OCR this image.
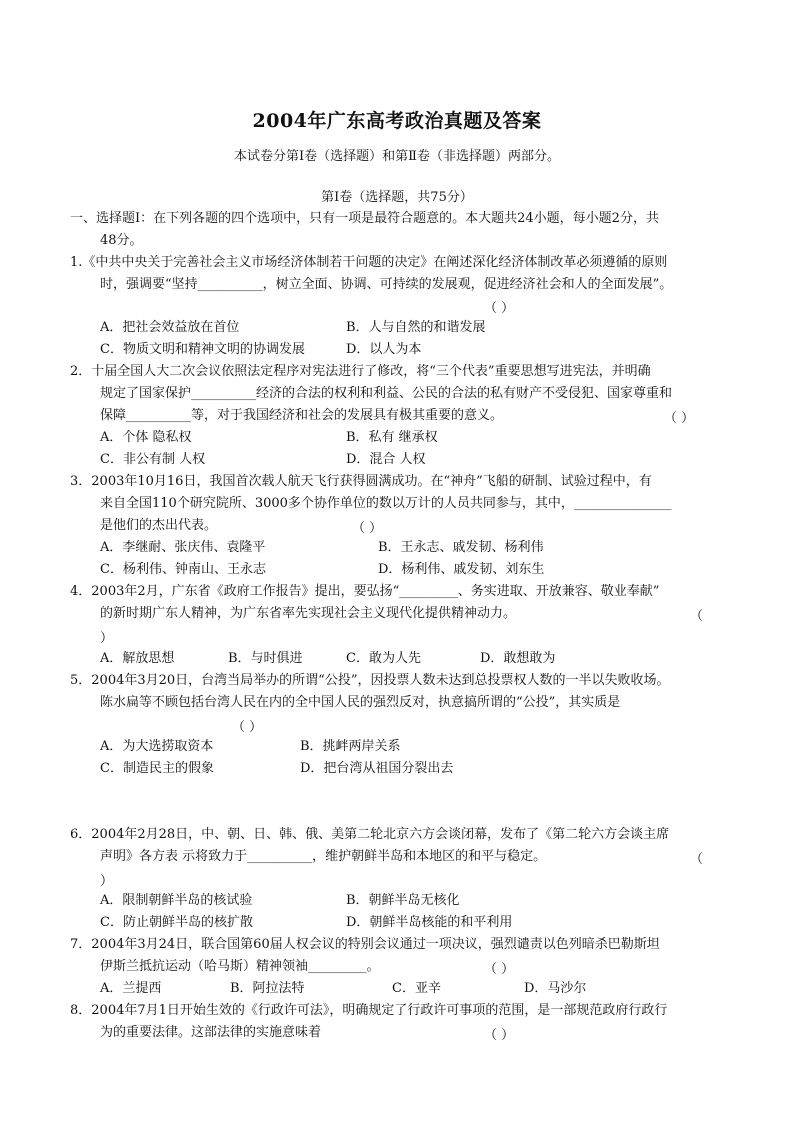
2004年广东高考政治真题及答案
本试卷分第Ⅰ卷（选择题）和第Ⅱ卷（非选择题）两部分。
第Ⅰ卷（选择题，共75分）
一、选择题Ⅰ：在下列各题的四个选项中，只有一项是最符合题意的。本大题共24小题，每小题2分，共
48分。
1.《中共中央关于完善社会主义市场经济体制若干问题的决定》在阐述深化经济体制改革必须遵循的原则
时，强调要“坚持__________，树立全面、协调、可持续的发展观，促进经济社会和人的全面发展”。
（ ）
A．把社会效益放在首位	B．人与自然的和谐发展
C．物质文明和精神文明的协调发展	D．以人为本
2．十届全国人大二次会议依照法定程序对宪法进行了修改，将“三个代表”重要思想写进宪法，并明确
规定了国家保护__________经济的合法的权利和利益、公民的合法的私有财产不受侵犯、国家尊重和
保障__________等，对于我国经济和社会的发展具有极其重要的意义。	（ ）
A．个体 隐私权	B．私有 继承权
C．非公有制 人权	D．混合 人权
3．2003年10月16日，我国首次载人航天飞行获得圆满成功。在“神舟”飞船的研制、试验过程中，有
来自全国110个研究院所、3000多个协作单位的数以万计的人员共同参与，其中，_______________
是他们的杰出代表。	（ ）
A．李继耐、张庆伟、袁隆平	B．王永志、戚发韧、杨利伟
C．杨利伟、钟南山、王永志	D．杨利伟、戚发韧、刘东生
4．2003年2月，广东省《政府工作报告》提出，要弘扬“_________、务实进取、开放兼容、敬业奉献”
的新时期广东人精神，为广东省率先实现社会主义现代化提供精神动力。	（
）
A．解放思想	B．与时俱进	C．敢为人先	D．敢想敢为
5．2004年3月20日，台湾当局举办的所谓“公投”，因投票人数未达到总投票权人数的一半以失败收场。
陈水扁等不顾包括台湾人民在内的全中国人民的强烈反对，执意搞所谓的“公投”，其实质是
（ ）
A．为大选捞取资本	B．挑衅两岸关系
C．制造民主的假象	D．把台湾从祖国分裂出去
6．2004年2月28日，中、朝、日、韩、俄、美第二轮北京六方会谈闭幕，发布了《第二轮六方会谈主席
声明》各方表 示将致力于__________，维护朝鲜半岛和本地区的和平与稳定。	（
）
A．限制朝鲜半岛的核试验	B．朝鲜半岛无核化
C．防止朝鲜半岛的核扩散	D．朝鲜半岛核能的和平利用
7．2004年3月24日，联合国第60届人权会议的特别会议通过一项决议，强烈谴责以色列暗杀巴勒斯坦
伊斯兰抵抗运动（哈马斯）精神领袖_________。	（ ）
A．兰提西	B．阿拉法特	C．亚辛	D．马沙尔
8．2004年7月1日开始生效的《行政许可法》，明确规定了行政许可事项的范围，是一部规范政府行政行
为的重要法律。这部法律的实施意味着	（ ）
